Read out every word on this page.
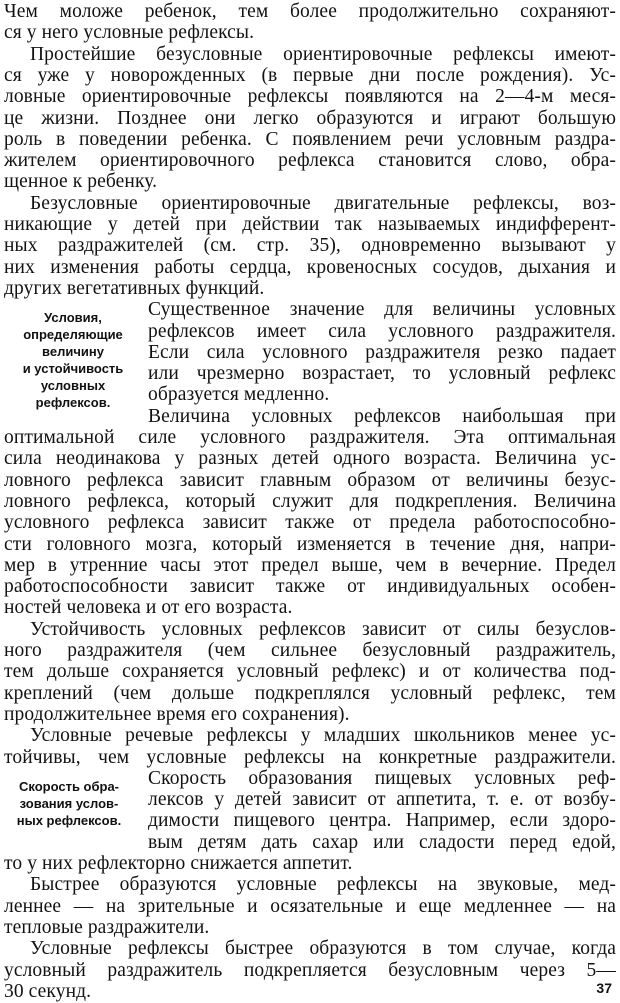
Чем моложе ребенок, тем более продолжительно сохраняют-
ся у него условные рефлексы.
Простейшие безусловные ориентировочные рефлексы имеют-
ся уже у новорожденных (в первые дни после рождения). Ус-
ловные ориентировочные рефлексы появляются на 2—4-м меся-
це жизни. Позднее они легко образуются и играют большую
роль в поведении ребенка. С появлением речи условным раздра-
жителем ориентировочного рефлекса становится слово, обра-
щенное к ребенку.
Безусловные ориентировочные двигательные рефлексы, воз-
никающие у детей при действии так называемых индифферент-
ных раздражителей (см. стр. 35), одновременно вызывают у
них изменения работы сердца, кровеносных сосудов, дыхания и
других вегетативных функций.
Условия,
определяющие
величину
и устойчивость
условных
рефлексов.
Существенное значение для величины условных
рефлексов имеет сила условного раздражителя.
Если сила условного раздражителя резко падает
или чрезмерно возрастает, то условный рефлекс
образуется медленно.
Величина условных рефлексов наибольшая при
оптимальной силе условного раздражителя. Эта оптимальная
сила неодинакова у разных детей одного возраста. Величина ус-
ловного рефлекса зависит главным образом от величины безус-
ловного рефлекса, который служит для подкрепления. Величина
условного рефлекса зависит также от предела работоспособно-
сти головного мозга, который изменяется в течение дня, напри-
мер в утренние часы этот предел выше, чем в вечерние. Предел
работоспособности зависит также от индивидуальных особен-
ностей человека и от его возраста.
Устойчивость условных рефлексов зависит от силы безуслов-
ного раздражителя (чем сильнее безусловный раздражитель,
тем дольше сохраняется условный рефлекс) и от количества под-
креплений (чем дольше подкреплялся условный рефлекс, тем
продолжительнее время его сохранения).
Условные речевые рефлексы у младших школьников менее ус-
тойчивы, чем условные рефлексы на конкретные раздражители.
Скорость обра-
зования услов-
ных рефлексов.
Скорость образования пищевых условных реф-
лексов у детей зависит от аппетита, т. е. от возбу-
димости пищевого центра. Например, если здоро-
вым детям дать сахар или сладости перед едой,
то у них рефлекторно снижается аппетит.
Быстрее образуются условные рефлексы на звуковые, мед-
леннее — на зрительные и осязательные и еще медленнее — на
тепловые раздражители.
Условные рефлексы быстрее образуются в том случае, когда
условный раздражитель подкрепляется безусловным через 5—
30 секунд.	37
